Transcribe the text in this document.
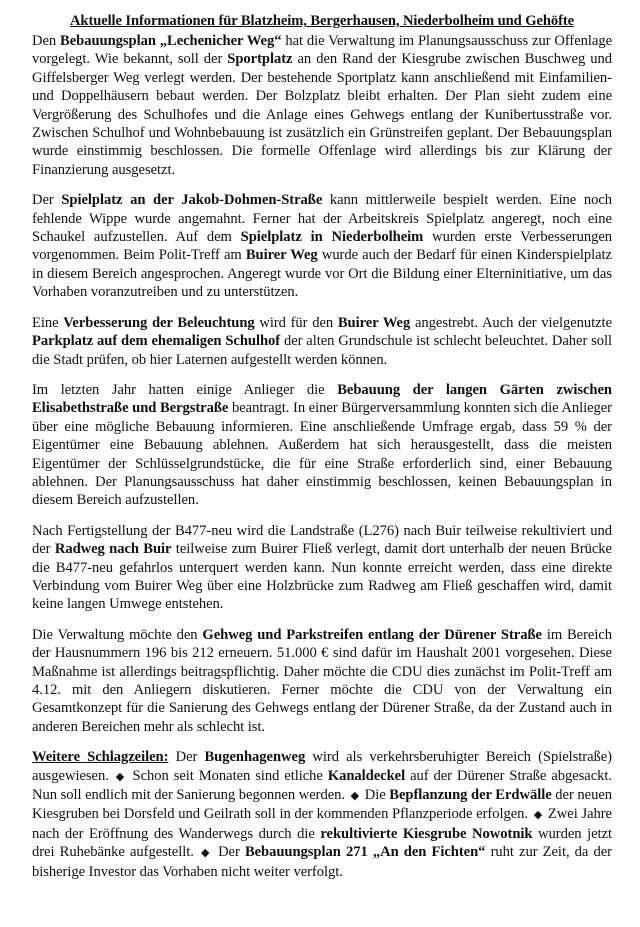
Aktuelle Informationen für Blatzheim, Bergerhausen, Niederbolheim und Gehöfte

Den Bebauungsplan „Lechenicher Weg“ hat die Verwaltung im Planungsausschuss zur Offenlage vorgelegt. Wie bekannt, soll der Sportplatz an den Rand der Kiesgrube zwischen Buschweg und Giffelsberger Weg verlegt werden. Der bestehende Sportplatz kann anschließend mit Einfamilien- und Doppelhäusern bebaut werden. Der Bolzplatz bleibt erhalten. Der Plan sieht zudem eine Vergrößerung des Schulhofes und die Anlage eines Gehwegs entlang der Kunibertusstraße vor. Zwischen Schulhof und Wohnbebauung ist zusätzlich ein Grünstreifen geplant. Der Bebauungsplan wurde einstimmig beschlossen. Die formelle Offenlage wird allerdings bis zur Klärung der Finanzierung ausgesetzt.

Der Spielplatz an der Jakob-Dohmen-Straße kann mittlerweile bespielt werden. Eine noch fehlende Wippe wurde angemahnt. Ferner hat der Arbeitskreis Spielplatz angeregt, noch eine Schaukel aufzustellen. Auf dem Spielplatz in Niederbolheim wurden erste Verbesserungen vorgenommen. Beim Polit-Treff am Buirer Weg wurde auch der Bedarf für einen Kinderspielplatz in diesem Bereich angesprochen. Angeregt wurde vor Ort die Bildung einer Elterninitiative, um das Vorhaben voranzutreiben und zu unterstützen.

Eine Verbesserung der Beleuchtung wird für den Buirer Weg angestrebt. Auch der vielgenutzte Parkplatz auf dem ehemaligen Schulhof der alten Grundschule ist schlecht beleuchtet. Daher soll die Stadt prüfen, ob hier Laternen aufgestellt werden können.

Im letzten Jahr hatten einige Anlieger die Bebauung der langen Gärten zwischen Elisabethstraße und Bergstraße beantragt. In einer Bürgerversammlung konnten sich die Anlieger über eine mögliche Bebauung informieren. Eine anschließende Umfrage ergab, dass 59 % der Eigentümer eine Bebauung ablehnen. Außerdem hat sich herausgestellt, dass die meisten Eigentümer der Schlüsselgrundstücke, die für eine Straße erforderlich sind, einer Bebauung ablehnen. Der Planungsausschuss hat daher einstimmig beschlossen, keinen Bebauungsplan in diesem Bereich aufzustellen.

Nach Fertigstellung der B477-neu wird die Landstraße (L276) nach Buir teilweise rekultiviert und der Radweg nach Buir teilweise zum Buirer Fließ verlegt, damit dort unterhalb der neuen Brücke die B477-neu gefahrlos unterquert werden kann. Nun konnte erreicht werden, dass eine direkte Verbindung vom Buirer Weg über eine Holzbrücke zum Radweg am Fließ geschaffen wird, damit keine langen Umwege entstehen.

Die Verwaltung möchte den Gehweg und Parkstreifen entlang der Dürener Straße im Bereich der Hausnummern 196 bis 212 erneuern. 51.000 € sind dafür im Haushalt 2001 vorgesehen. Diese Maßnahme ist allerdings beitragspflichtig. Daher möchte die CDU dies zunächst im Polit-Treff am 4.12. mit den Anliegern diskutieren. Ferner möchte die CDU von der Verwaltung ein Gesamtkonzept für die Sanierung des Gehwegs entlang der Dürener Straße, da der Zustand auch in anderen Bereichen mehr als schlecht ist.

Weitere Schlagzeilen: Der Bugenhagenweg wird als verkehrsberuhigter Bereich (Spielstraße) ausgewiesen. ◆ Schon seit Monaten sind etliche Kanaldeckel auf der Dürener Straße abgesackt. Nun soll endlich mit der Sanierung begonnen werden. ◆ Die Bepflanzung der Erdwälle der neuen Kiesgruben bei Dorsfeld und Geilrath soll in der kommenden Pflanzperiode erfolgen. ◆ Zwei Jahre nach der Eröffnung des Wanderwegs durch die rekultivierte Kiesgrube Nowotnik wurden jetzt drei Ruhebänke aufgestellt. ◆ Der Bebauungsplan 271 „An den Fichten“ ruht zur Zeit, da der bisherige Investor das Vorhaben nicht weiter verfolgt.
